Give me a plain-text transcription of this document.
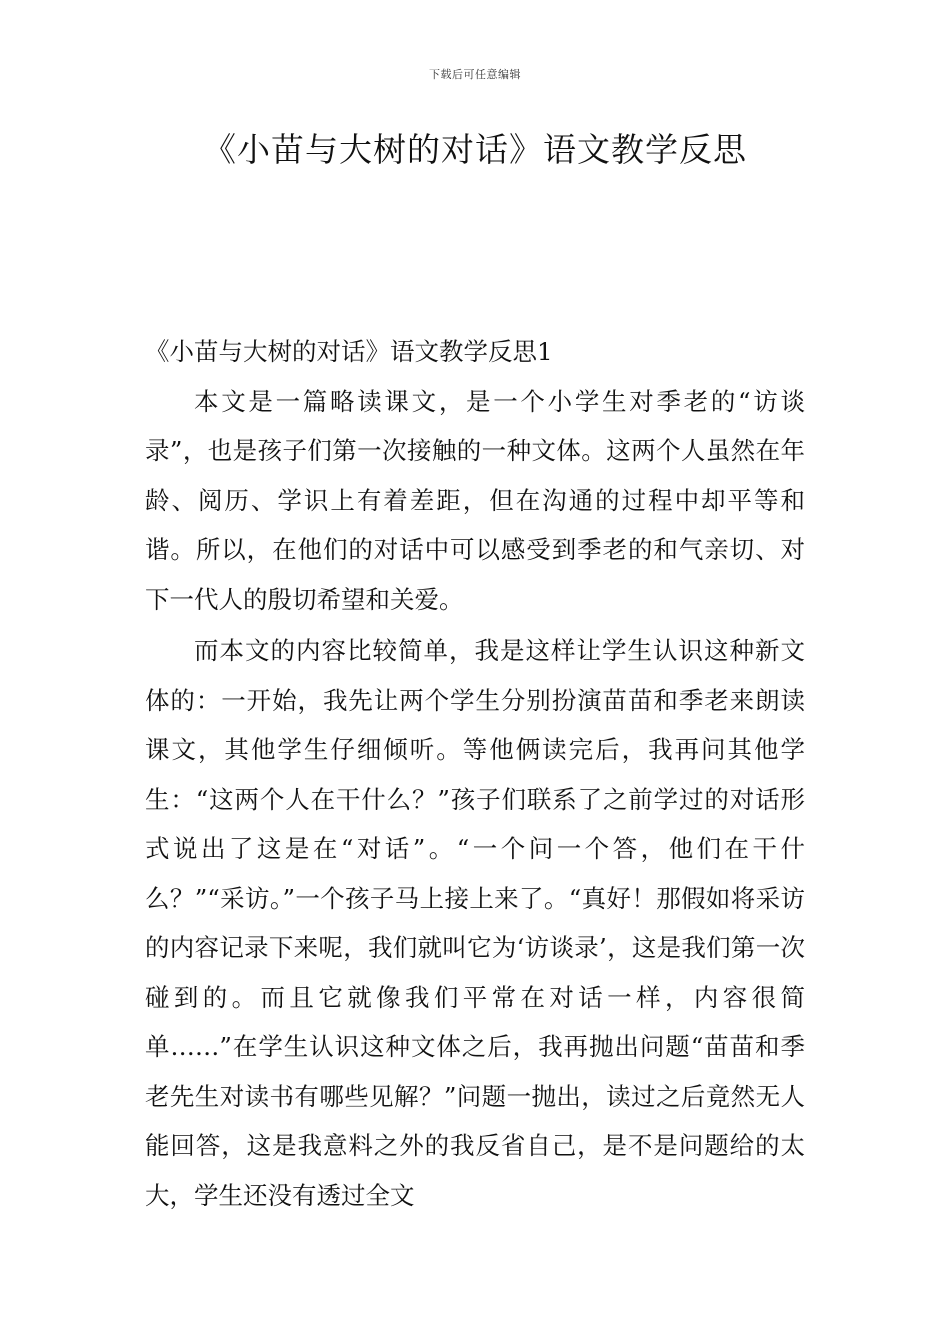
下载后可任意编辑
《小苗与大树的对话》语文教学反思
《小苗与大树的对话》语文教学反思1

本文是一篇略读课文，是一个小学生对季老的“访谈录”，也是孩子们第一次接触的一种文体。这两个人虽然在年龄、阅历、学识上有着差距，但在沟通的过程中却平等和谐。所以，在他们的对话中可以感受到季老的和气亲切、对下一代人的殷切希望和关爱。

而本文的内容比较简单，我是这样让学生认识这种新文体的：一开始，我先让两个学生分别扮演苗苗和季老来朗读课文，其他学生仔细倾听。等他俩读完后，我再问其他学生：“这两个人在干什么？”孩子们联系了之前学过的对话形式说出了这是在“对话”。“一个问一个答，他们在干什么？”“采访。”一个孩子马上接上来了。“真好！那假如将采访的内容记录下来呢，我们就叫它为‘访谈录’，这是我们第一次碰到的。而且它就像我们平常在对话一样，内容很简单……”在学生认识这种文体之后，我再抛出问题“苗苗和季老先生对读书有哪些见解？”问题一抛出，读过之后竟然无人能回答，这是我意料之外的我反省自己，是不是问题给的太大，学生还没有透过全文
